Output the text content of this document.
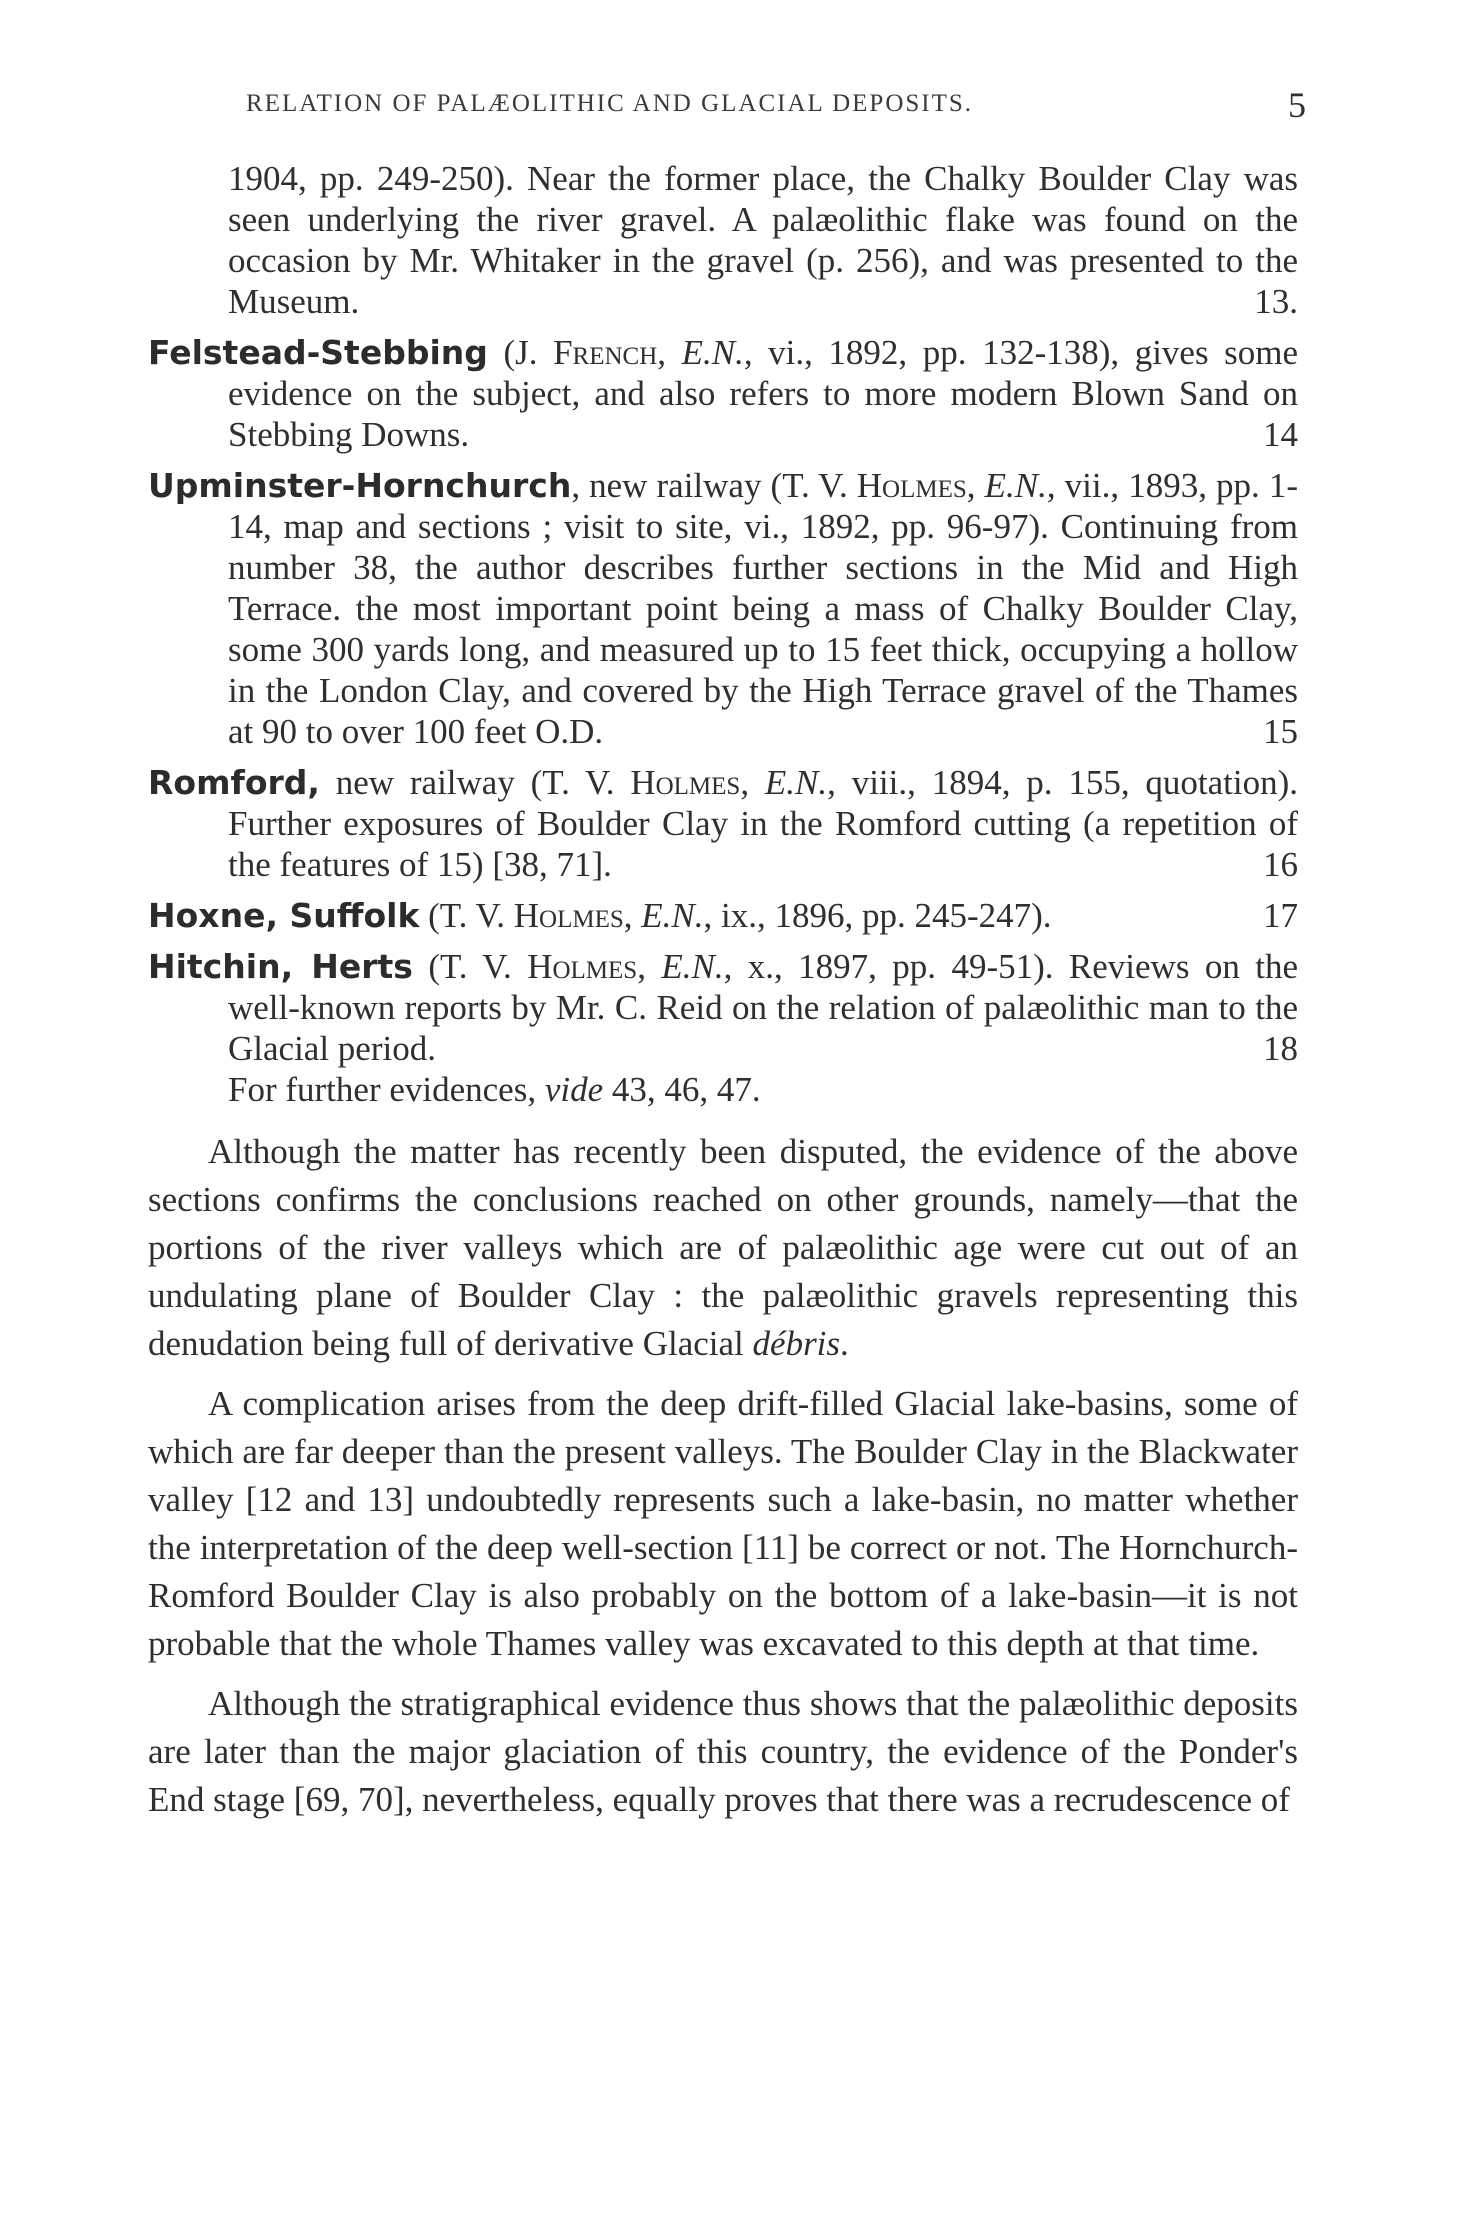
RELATION OF PALÆOLITHIC AND GLACIAL DEPOSITS.	5
1904, pp. 249-250). Near the former place, the Chalky Boulder Clay was seen underlying the river gravel. A palæolithic flake was found on the occasion by Mr. Whitaker in the gravel (p. 256), and was presented to the Museum.	13.
Felstead-Stebbing (J. French, E.N., vi., 1892, pp. 132-138), gives some evidence on the subject, and also refers to more modern Blown Sand on Stebbing Downs.	14
Upminster-Hornchurch, new railway (T. V. Holmes, E.N., vii., 1893, pp. 1-14, map and sections ; visit to site, vi., 1892, pp. 96-97). Continuing from number 38, the author describes further sections in the Mid and High Terrace. the most important point being a mass of Chalky Boulder Clay, some 300 yards long, and measured up to 15 feet thick, occupying a hollow in the London Clay, and covered by the High Terrace gravel of the Thames at 90 to over 100 feet O.D.	15
Romford, new railway (T. V. Holmes, E.N., viii., 1894, p. 155, quotation). Further exposures of Boulder Clay in the Romford cutting (a repetition of the features of 15) [38, 71].	16
Hoxne, Suffolk (T. V. Holmes, E.N., ix., 1896, pp. 245-247).	17
Hitchin, Herts (T. V. Holmes, E.N., x., 1897, pp. 49-51). Reviews on the well-known reports by Mr. C. Reid on the relation of palæolithic man to the Glacial period.	18
For further evidences, vide 43, 46, 47.

Although the matter has recently been disputed, the evidence of the above sections confirms the conclusions reached on other grounds, namely—that the portions of the river valleys which are of palæolithic age were cut out of an undulating plane of Boulder Clay : the palæolithic gravels representing this denudation being full of derivative Glacial débris.

A complication arises from the deep drift-filled Glacial lake-basins, some of which are far deeper than the present valleys. The Boulder Clay in the Blackwater valley [12 and 13] undoubtedly represents such a lake-basin, no matter whether the interpretation of the deep well-section [11] be correct or not. The Hornchurch-Romford Boulder Clay is also probably on the bottom of a lake-basin—it is not probable that the whole Thames valley was excavated to this depth at that time.

Although the stratigraphical evidence thus shows that the palæolithic deposits are later than the major glaciation of this country, the evidence of the Ponder's End stage [69, 70], nevertheless, equally proves that there was a recrudescence of
